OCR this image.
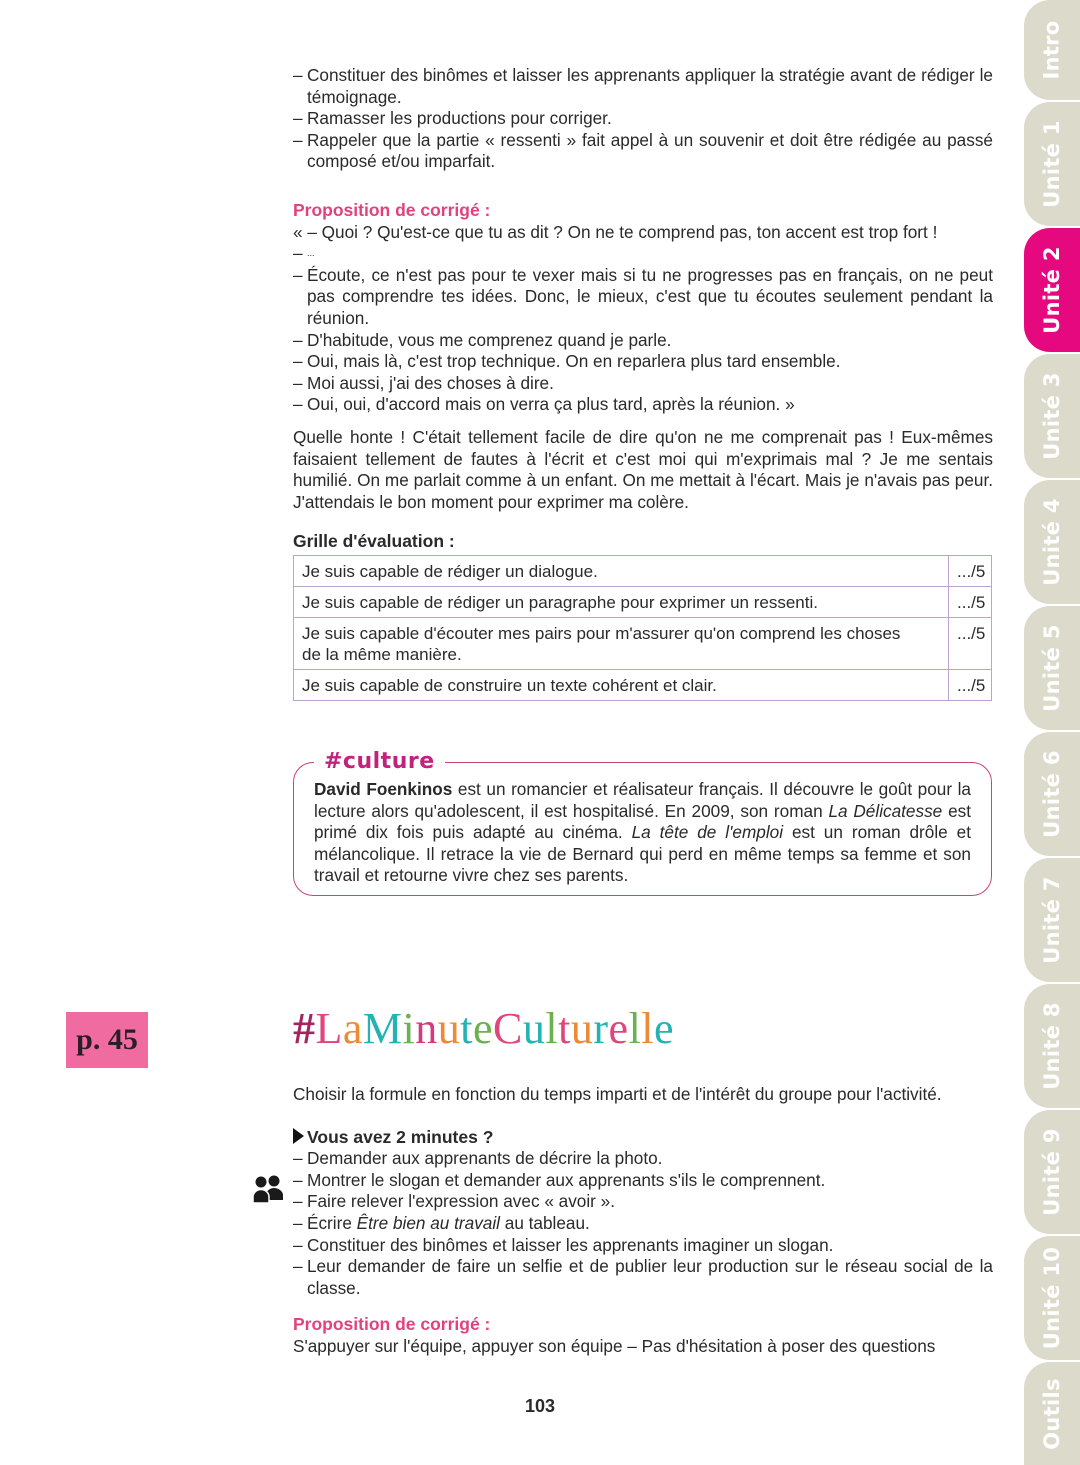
Intro
Unité 1
Unité 2
Unité 3
Unité 4
Unité 5
Unité 6
Unité 7
Unité 8
Unité 9
Unité 10
Outils
– Constituer des binômes et laisser les apprenants appliquer la stratégie avant de rédiger le témoignage.
– Ramasser les productions pour corriger.
– Rappeler que la partie « ressenti » fait appel à un souvenir et doit être rédigée au passé composé et/ou imparfait.
Proposition de corrigé :
« – Quoi ? Qu'est-ce que tu as dit ? On ne te comprend pas, ton accent est trop fort !
– ...
– Écoute, ce n'est pas pour te vexer mais si tu ne progresses pas en français, on ne peut pas comprendre tes idées. Donc, le mieux, c'est que tu écoutes seulement pendant la réunion.
– D'habitude, vous me comprenez quand je parle.
– Oui, mais là, c'est trop technique. On en reparlera plus tard ensemble.
– Moi aussi, j'ai des choses à dire.
– Oui, oui, d'accord mais on verra ça plus tard, après la réunion. »

Quelle honte ! C'était tellement facile de dire qu'on ne me comprenait pas ! Eux-mêmes faisaient tellement de fautes à l'écrit et c'est moi qui m'exprimais mal ? Je me sentais humilié. On me parlait comme à un enfant. On me mettait à l'écart. Mais je n'avais pas peur. J'attendais le bon moment pour exprimer ma colère.

Grille d'évaluation :
Je suis capable de rédiger un dialogue.	.../5
Je suis capable de rédiger un paragraphe pour exprimer un ressenti.	.../5
Je suis capable d'écouter mes pairs pour m'assurer qu'on comprend les choses de la même manière.	.../5
Je suis capable de construire un texte cohérent et clair.	.../5
#culture
David Foenkinos est un romancier et réalisateur français. Il découvre le goût pour la lecture alors qu'adolescent, il est hospitalisé. En 2009, son roman La Délicatesse est primé dix fois puis adapté au cinéma. La tête de l'emploi est un roman drôle et mélancolique. Il retrace la vie de Bernard qui perd en même temps sa femme et son travail et retourne vivre chez ses parents.
p. 45	#LaMinuteCulturelle

Choisir la formule en fonction du temps imparti et de l'intérêt du groupe pour l'activité.

Vous avez 2 minutes ?
– Demander aux apprenants de décrire la photo.
– Montrer le slogan et demander aux apprenants s'ils le comprennent.
– Faire relever l'expression avec « avoir ».
– Écrire Être bien au travail au tableau.
– Constituer des binômes et laisser les apprenants imaginer un slogan.
– Leur demander de faire un selfie et de publier leur production sur le réseau social de la classe.
Proposition de corrigé :
S'appuyer sur l'équipe, appuyer son équipe – Pas d'hésitation à poser des questions
103
